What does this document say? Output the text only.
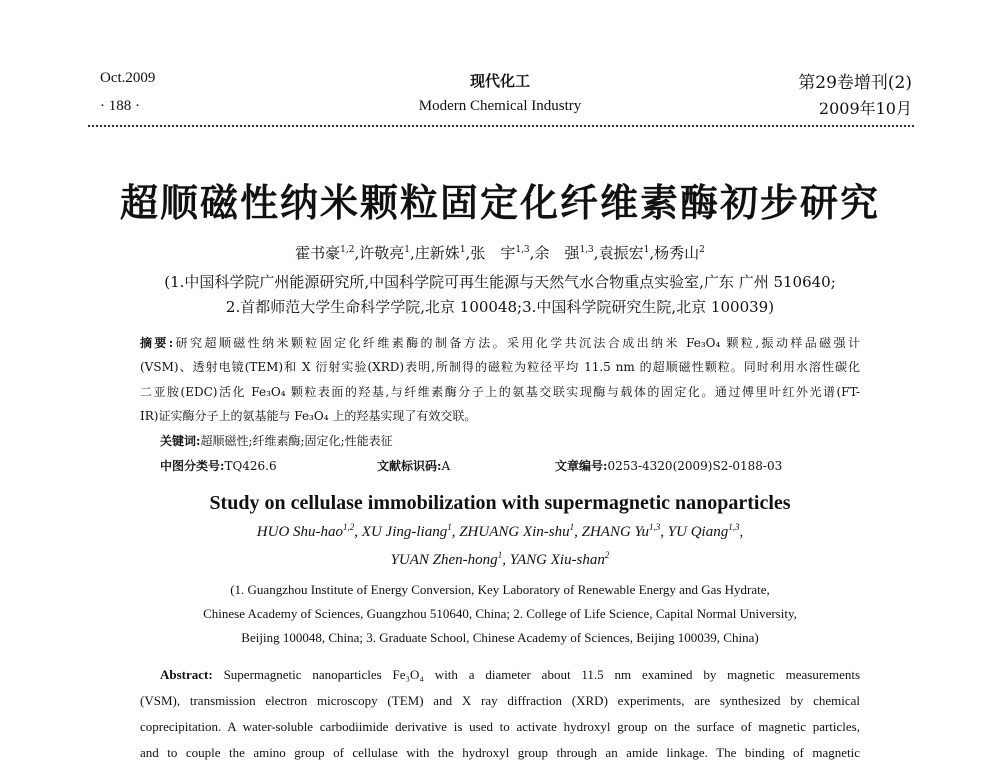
Oct.2009	现代化工	第29卷增刊(2)
· 188 ·	Modern Chemical Industry	2009年10月
超顺磁性纳米颗粒固定化纤维素酶初步研究
霍书豪$^{1,2}$,许敬亮$^1$,庄新姝$^1$,张　宇$^{1,3}$,余　强$^{1,3}$,袁振宏$^1$,杨秀山$^2$
(1.中国科学院广州能源研究所,中国科学院可再生能源与天然气水合物重点实验室,广东 广州 510640;
2.首都师范大学生命科学学院,北京 100048;3.中国科学院研究生院,北京 100039)
摘要:研究超顺磁性纳米颗粒固定化纤维素酶的制备方法。采用化学共沉法合成出纳米 Fe₃O₄ 颗粒,振动样品磁强计
(VSM)、透射电镜(TEM)和 X 衍射实验(XRD)表明,所制得的磁粒为粒径平均 11.5 nm 的超顺磁性颗粒。同时利用水溶性碳化
二亚胺(EDC)活化 Fe₃O₄ 颗粒表面的羟基,与纤维素酶分子上的氨基交联实现酶与载体的固定化。通过傅里叶红外光谱(FT-
IR)证实酶分子上的氨基能与 Fe₃O₄ 上的羟基实现了有效交联。
关键词:超顺磁性;纤维素酶;固定化;性能表征
中图分类号:TQ426.6	文献标识码:A	文章编号:0253-4320(2009)S2-0188-03
Study on cellulase immobilization with supermagnetic nanoparticles
HUO Shu-hao$^{1,2}$, XU Jing-liang$^1$, ZHUANG Xin-shu$^1$, ZHANG Yu$^{1,3}$, YU Qiang$^{1,3}$,
YUAN Zhen-hong$^1$, YANG Xiu-shan$^2$
(1. Guangzhou Institute of Energy Conversion, Key Laboratory of Renewable Energy and Gas Hydrate,
Chinese Academy of Sciences, Guangzhou 510640, China; 2. College of Life Science, Capital Normal University,
Beijing 100048, China; 3. Graduate School, Chinese Academy of Sciences, Beijing 100039, China)
Abstract: Supermagnetic nanoparticles Fe₃O₄ with a diameter about 11.5 nm examined by magnetic measurements
(VSM), transmission electron microscopy (TEM) and X ray diffraction (XRD) experiments, are synthesized by chemical
coprecipitation. A water-soluble carbodiimide derivative is used to activate hydroxyl group on the surface of magnetic particles,
and to couple the amino group of cellulase with the hydroxyl group through an amide linkage. The binding of magnetic
